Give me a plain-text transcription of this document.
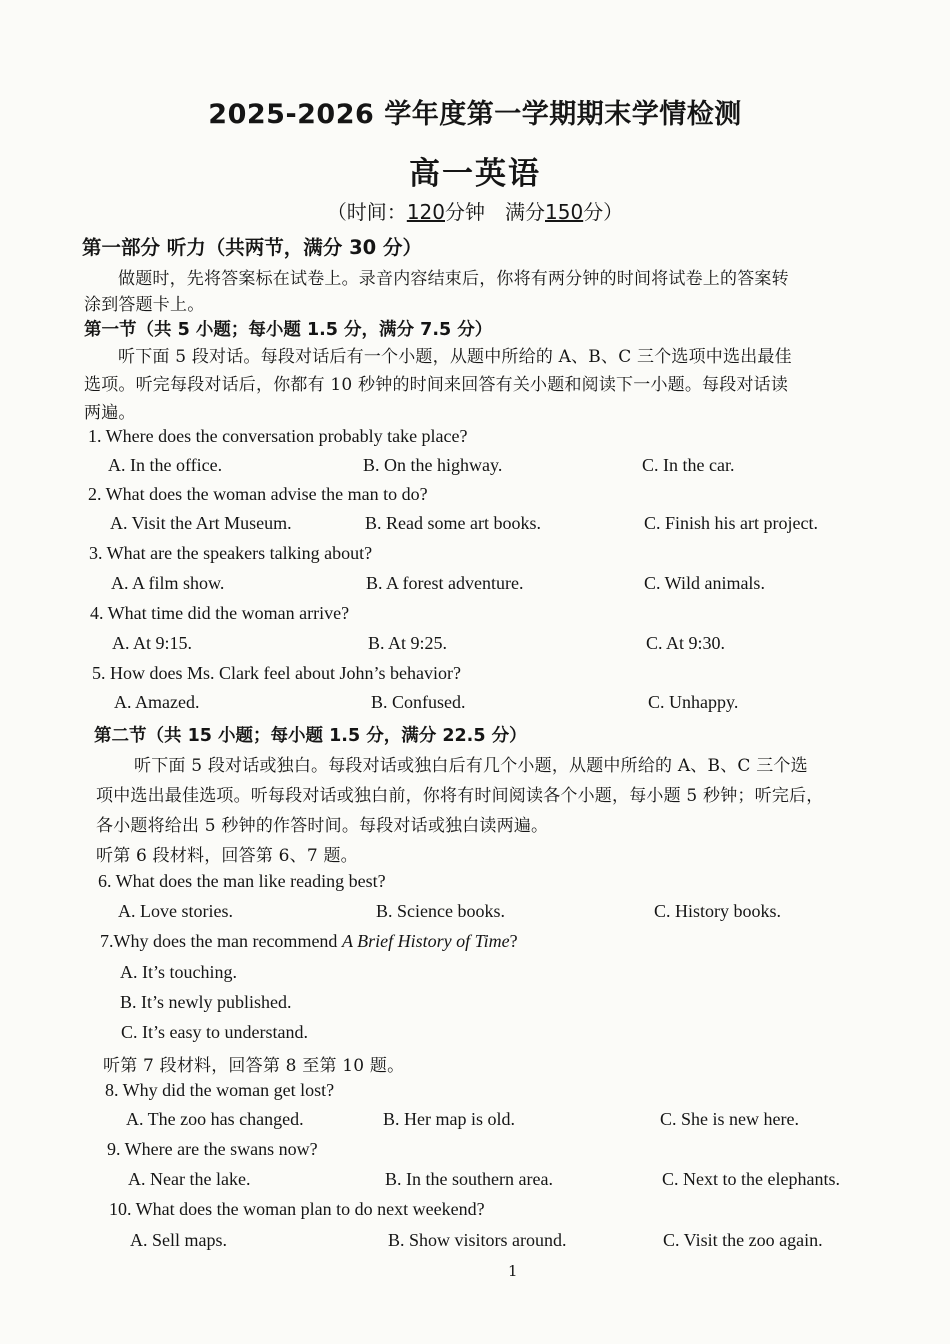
2025-2026 学年度第一学期期末学情检测
高一英语
（时间：120分钟　满分150分）
第一部分 听力（共两节，满分 30 分）
做题时，先将答案标在试卷上。录音内容结束后，你将有两分钟的时间将试卷上的答案转
涂到答题卡上。
第一节（共 5 小题；每小题 1.5 分，满分 7.5 分）
听下面 5 段对话。每段对话后有一个小题，从题中所给的 A、B、C 三个选项中选出最佳
选项。听完每段对话后，你都有 10 秒钟的时间来回答有关小题和阅读下一小题。每段对话读
两遍。
1. Where does the conversation probably take place?
A. In the office.	B. On the highway.	C. In the car.
2. What does the woman advise the man to do?
A. Visit the Art Museum.	B. Read some art books.	C. Finish his art project.
3. What are the speakers talking about?
A. A film show.	B. A forest adventure.	C. Wild animals.
4. What time did the woman arrive?
A. At 9:15.	B. At 9:25.	C. At 9:30.
5. How does Ms. Clark feel about John’s behavior?
A. Amazed.	B. Confused.	C. Unhappy.
第二节（共 15 小题；每小题 1.5 分，满分 22.5 分）
听下面 5 段对话或独白。每段对话或独白后有几个小题，从题中所给的 A、B、C 三个选
项中选出最佳选项。听每段对话或独白前，你将有时间阅读各个小题，每小题 5 秒钟；听完后，
各小题将给出 5 秒钟的作答时间。每段对话或独白读两遍。
听第 6 段材料，回答第 6、7 题。
6. What does the man like reading best?
A. Love stories.	B. Science books.	C. History books.
7.Why does the man recommend A Brief History of Time?
A. It’s touching.
B. It’s newly published.
C. It’s easy to understand.
听第 7 段材料，回答第 8 至第 10 题。
8. Why did the woman get lost?
A. The zoo has changed.	B. Her map is old.	C. She is new here.
9. Where are the swans now?
A. Near the lake.	B. In the southern area.	C. Next to the elephants.
10. What does the woman plan to do next weekend?
A. Sell maps.	B. Show visitors around.	C. Visit the zoo again.
1
